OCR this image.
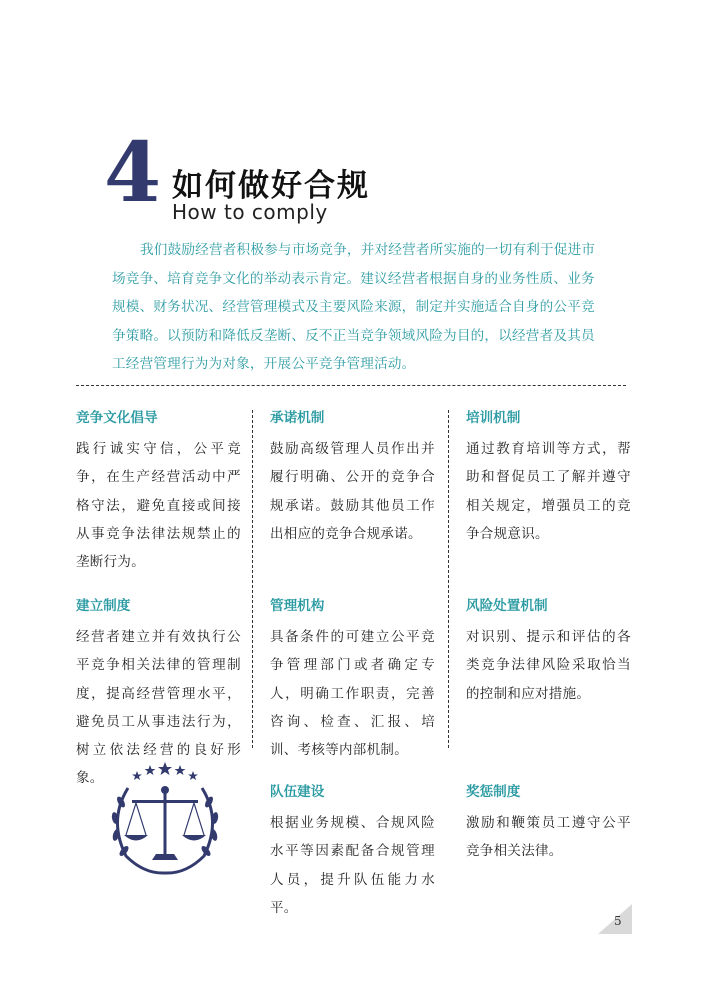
4 如何做好合规
How to comply

我们鼓励经营者积极参与市场竞争，并对经营者所实施的一切有利于促进市场竞争、培育竞争文化的举动表示肯定。建议经营者根据自身的业务性质、业务规模、财务状况、经营管理模式及主要风险来源，制定并实施适合自身的公平竞争策略。以预防和降低反垄断、反不正当竞争领域风险为目的，以经营者及其员工经营管理行为为对象，开展公平竞争管理活动。

竞争文化倡导
践行诚实守信，公平竞争，在生产经营活动中严格守法，避免直接或间接从事竞争法律法规禁止的垄断行为。
承诺机制
鼓励高级管理人员作出并履行明确、公开的竞争合规承诺。鼓励其他员工作出相应的竞争合规承诺。
培训机制
通过教育培训等方式，帮助和督促员工了解并遵守相关规定，增强员工的竞争合规意识。
建立制度
经营者建立并有效执行公平竞争相关法律的管理制度，提高经营管理水平，避免员工从事违法行为，树立依法经营的良好形象。
管理机构
具备条件的可建立公平竞争管理部门或者确定专人，明确工作职责，完善咨询、检查、汇报、培训、考核等内部机制。
风险处置机制
对识别、提示和评估的各类竞争法律风险采取恰当的控制和应对措施。
队伍建设
根据业务规模、合规风险水平等因素配备合规管理人员，提升队伍能力水平。
奖惩制度
激励和鞭策员工遵守公平竞争相关法律。
5
